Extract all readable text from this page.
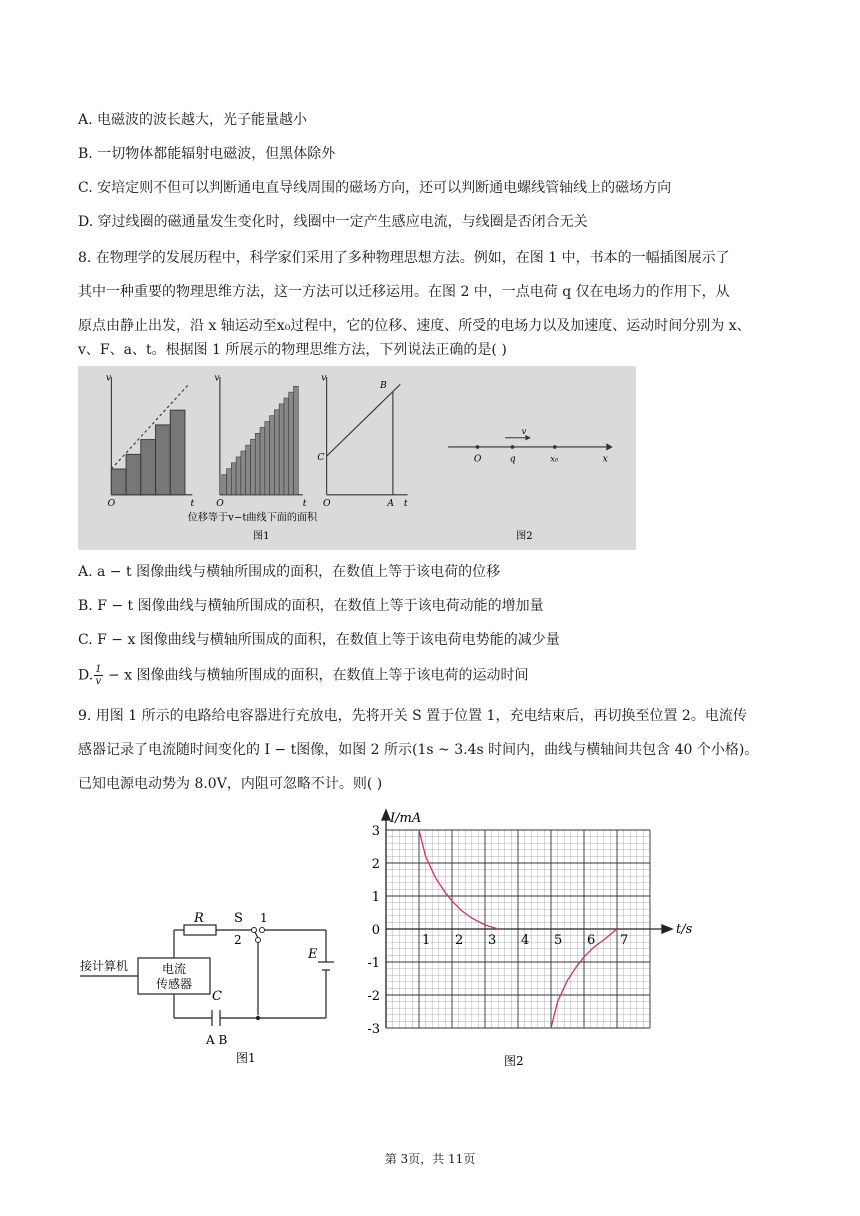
A. 电磁波的波长越大，光子能量越小
B. 一切物体都能辐射电磁波，但黑体除外
C. 安培定则不但可以判断通电直导线周围的磁场方向，还可以判断通电螺线管轴线上的磁场方向
D. 穿过线圈的磁通量发生变化时，线圈中一定产生感应电流，与线圈是否闭合无关
8. 在物理学的发展历程中，科学家们采用了多种物理思想方法。例如，在图 1 中，书本的一幅插图展示了
其中一种重要的物理思维方法，这一方法可以迁移运用。在图 2 中，一点电荷 q 仅在电场力的作用下，从
原点由静止出发，沿 x 轴运动至x₀过程中，它的位移、速度、所受的电场力以及加速度、运动时间分别为 x、
v
t
O
v
t
O
v
B
C
A t
O
位移等于v−t曲线下面的面积
图1
O	q	x₀	x
v
图2
A. a − t 图像曲线与横轴所围成的面积，在数值上等于该电荷的位移
B. F − t 图像曲线与横轴所围成的面积，在数值上等于该电荷动能的增加量
C. F − x 图像曲线与横轴所围成的面积，在数值上等于该电荷电势能的减少量
D. $\frac{1}{v} - x$ 图像曲线与横轴所围成的面积，在数值上等于该电荷的运动时间
9. 用图 1 所示的电路给电容器进行充放电，先将开关 S 置于位置 1，充电结束后，再切换至位置 2。电流传
感器记录了电流随时间变化的 I − t图像，如图 2 所示(1s ~ 3.4s 时间内，曲线与横轴间共包含 40 个小格)。
已知电源电动势为 8.0V，内阻可忽略不计。则( )
R S 1
2
E
C
A B
接计算机	电流
传感器
图1
3
2
1
0
-1
-2
-3
1 2 3 4 5 6 7
I/mA
t/s
图2
第 3页，共 11页
v、F、a、t。根据图 1 所展示的物理思维方法，下列说法正确的是( )
